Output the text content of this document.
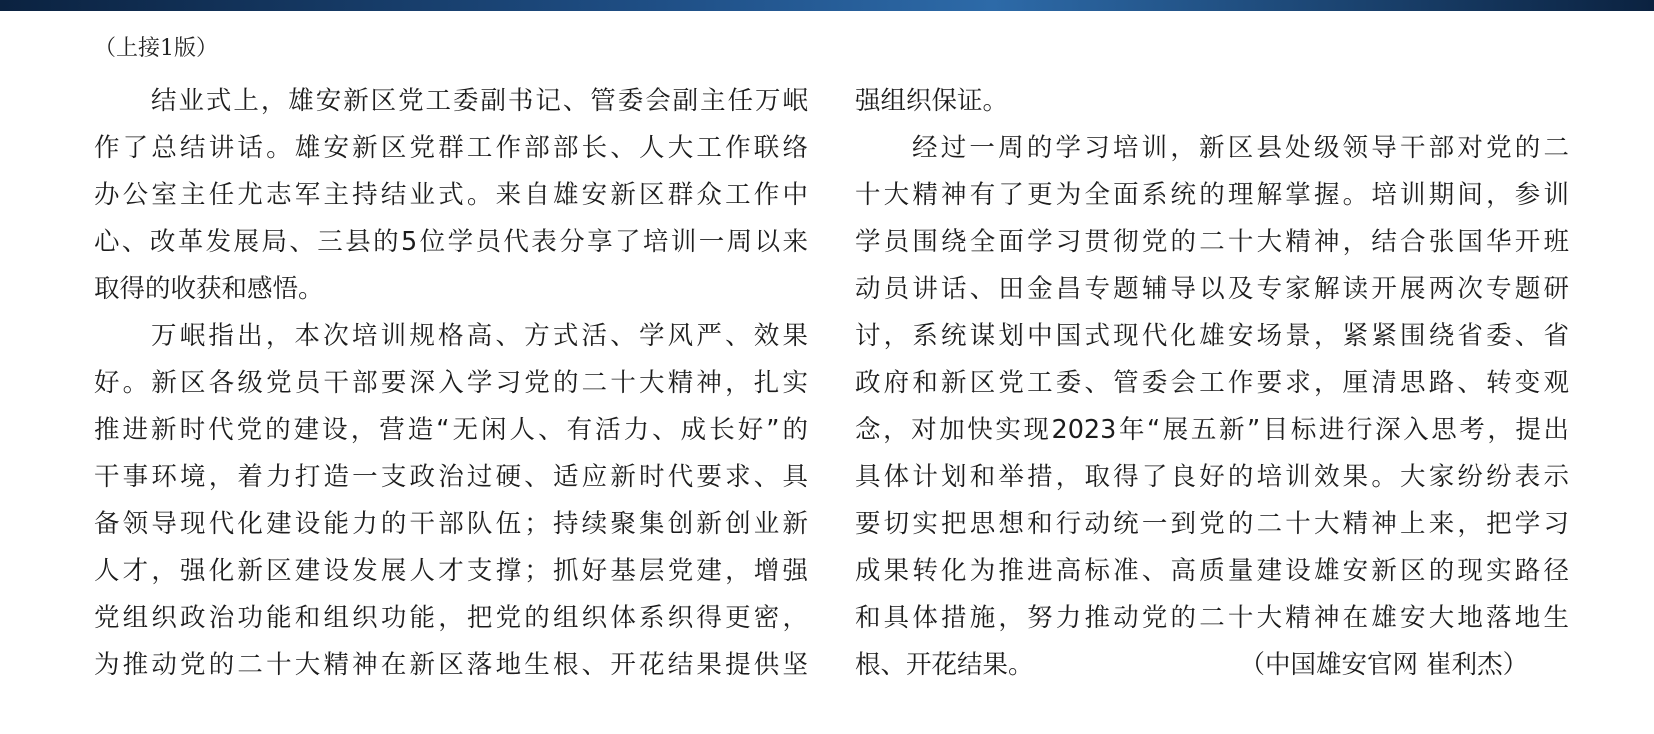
（上接1版）
结业式上，雄安新区党工委副书记、管委会副主任万岷
作了总结讲话。雄安新区党群工作部部长、人大工作联络
办公室主任尤志军主持结业式。来自雄安新区群众工作中
心、改革发展局、三县的5位学员代表分享了培训一周以来
取得的收获和感悟。
万岷指出，本次培训规格高、方式活、学风严、效果
好。新区各级党员干部要深入学习党的二十大精神，扎实
推进新时代党的建设，营造“无闲人、有活力、成长好”的
干事环境，着力打造一支政治过硬、适应新时代要求、具
备领导现代化建设能力的干部队伍；持续聚集创新创业新
人才，强化新区建设发展人才支撑；抓好基层党建，增强
党组织政治功能和组织功能，把党的组织体系织得更密，
为推动党的二十大精神在新区落地生根、开花结果提供坚
强组织保证。
经过一周的学习培训，新区县处级领导干部对党的二
十大精神有了更为全面系统的理解掌握。培训期间，参训
学员围绕全面学习贯彻党的二十大精神，结合张国华开班
动员讲话、田金昌专题辅导以及专家解读开展两次专题研
讨，系统谋划中国式现代化雄安场景，紧紧围绕省委、省
政府和新区党工委、管委会工作要求，厘清思路、转变观
念，对加快实现2023年“展五新”目标进行深入思考，提出
具体计划和举措，取得了良好的培训效果。大家纷纷表示
要切实把思想和行动统一到党的二十大精神上来，把学习
成果转化为推进高标准、高质量建设雄安新区的现实路径
和具体措施，努力推动党的二十大精神在雄安大地落地生
根、开花结果。	（中国雄安官网 崔利杰）
